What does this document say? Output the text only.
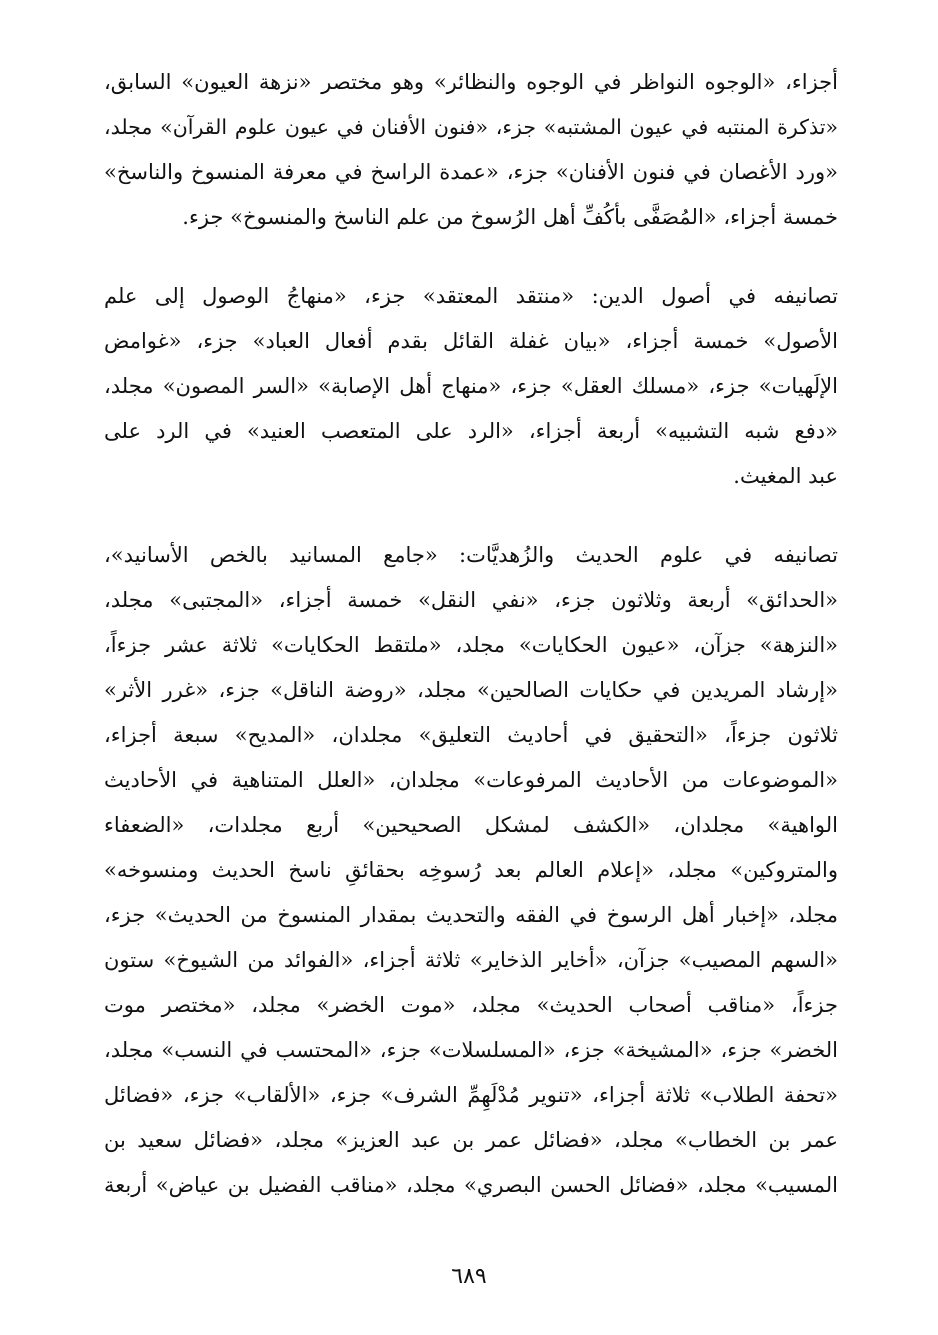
أجزاء، «الوجوه النواظر في الوجوه والنظائر» وهو مختصر «نزهة العيون» السابق،
«تذكرة المنتبه في عيون المشتبه» جزء، «فنون الأفنان في عيون علوم القرآن» مجلد،
«ورد الأغصان في فنون الأفنان» جزء، «عمدة الراسخ في معرفة المنسوخ والناسخ»
خمسة أجزاء، «المُصَفَّى بأكُفِّ أهل الرُسوخ من علم الناسخ والمنسوخ» جزء.
تصانيفه في أصول الدين: «منتقد المعتقد» جزء، «منهاجُ الوصول إلى علم
الأصول» خمسة أجزاء، «بيان غفلة القائل بقدم أفعال العباد» جزء، «غوامض
الإلَهيات» جزء، «مسلك العقل» جزء، «منهاج أهل الإصابة» «السر المصون» مجلد،
«دفع شبه التشبيه» أربعة أجزاء، «الرد على المتعصب العنيد» في الرد على
عبد المغيث.
تصانيفه في علوم الحديث والزُهديَّات: «جامع المسانيد بالخص الأسانيد»،
«الحدائق» أربعة وثلاثون جزء، «نفي النقل» خمسة أجزاء، «المجتبى» مجلد،
«النزهة» جزآن، «عيون الحكايات» مجلد، «ملتقط الحكايات» ثلاثة عشر جزءاً،
«إرشاد المريدين في حكايات الصالحين» مجلد، «روضة الناقل» جزء، «غرر الأثر»
ثلاثون جزءاً، «التحقيق في أحاديث التعليق» مجلدان، «المديح» سبعة أجزاء،
«الموضوعات من الأحاديث المرفوعات» مجلدان، «العلل المتناهية في الأحاديث
الواهية» مجلدان، «الكشف لمشكل الصحيحين» أربع مجلدات، «الضعفاء
والمتروكين» مجلد، «إعلام العالم بعد رُسوخِه بحقائقِ ناسخ الحديث ومنسوخه»
مجلد، «إخبار أهل الرسوخ في الفقه والتحديث بمقدار المنسوخ من الحديث» جزء،
«السهم المصيب» جزآن، «أخاير الذخاير» ثلاثة أجزاء، «الفوائد من الشيوخ» ستون
جزءاً، «مناقب أصحاب الحديث» مجلد، «موت الخضر» مجلد، «مختصر موت
الخضر» جزء، «المشيخة» جزء، «المسلسلات» جزء، «المحتسب في النسب» مجلد،
«تحفة الطلاب» ثلاثة أجزاء، «تنوير مُدْلَهِمِّ الشرف» جزء، «الألقاب» جزء، «فضائل
عمر بن الخطاب» مجلد، «فضائل عمر بن عبد العزيز» مجلد، «فضائل سعيد بن
المسيب» مجلد، «فضائل الحسن البصري» مجلد، «مناقب الفضيل بن عياض» أربعة
٦٨٩
